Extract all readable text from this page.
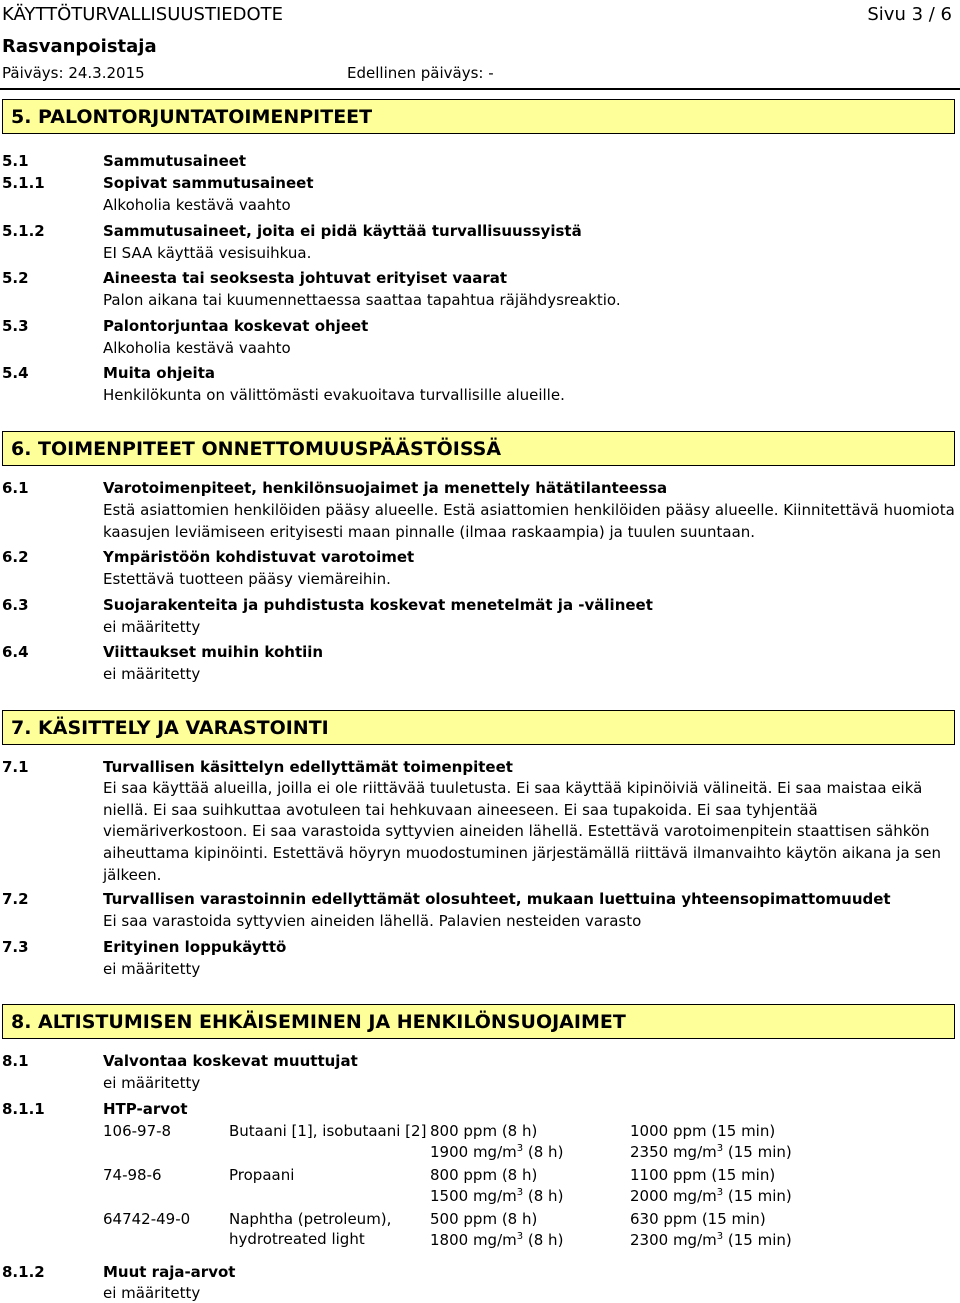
KÄYTTÖTURVALLISUUSTIEDOTE	Sivu 3 / 6
Rasvanpoistaja
Päiväys: 24.3.2015	Edellinen päiväys: -
5. PALONTORJUNTATOIMENPITEET
5.1	Sammutusaineet
5.1.1	Sopivat sammutusaineet
Alkoholia kestävä vaahto
5.1.2	Sammutusaineet, joita ei pidä käyttää turvallisuussyistä
EI SAA käyttää vesisuihkua.
5.2	Aineesta tai seoksesta johtuvat erityiset vaarat
Palon aikana tai kuumennettaessa saattaa tapahtua räjähdysreaktio.
5.3	Palontorjuntaa koskevat ohjeet
Alkoholia kestävä vaahto
5.4	Muita ohjeita
Henkilökunta on välittömästi evakuoitava turvallisille alueille.
6. TOIMENPITEET ONNETTOMUUSPÄÄSTÖISSÄ
6.1	Varotoimenpiteet, henkilönsuojaimet ja menettely hätätilanteessa
Estä asiattomien henkilöiden pääsy alueelle. Estä asiattomien henkilöiden pääsy alueelle. Kiinnitettävä huomiota kaasujen leviämiseen erityisesti maan pinnalle (ilmaa raskaampia) ja tuulen suuntaan.
6.2	Ympäristöön kohdistuvat varotoimet
Estettävä tuotteen pääsy viemäreihin.
6.3	Suojarakenteita ja puhdistusta koskevat menetelmät ja -välineet
ei määritetty
6.4	Viittaukset muihin kohtiin
ei määritetty
7. KÄSITTELY JA VARASTOINTI
7.1	Turvallisen käsittelyn edellyttämät toimenpiteet
Ei saa käyttää alueilla, joilla ei ole riittävää tuuletusta. Ei saa käyttää kipinöiviä välineitä. Ei saa maistaa eikä niellä. Ei saa suihkuttaa avotuleen tai hehkuvaan aineeseen. Ei saa tupakoida. Ei saa tyhjentää viemäriverkostoon. Ei saa varastoida syttyvien aineiden lähellä. Estettävä varotoimenpitein staattisen sähkön aiheuttama kipinöinti. Estettävä höyryn muodostuminen järjestämällä riittävä ilmanvaihto käytön aikana ja sen jälkeen.
7.2	Turvallisen varastoinnin edellyttämät olosuhteet, mukaan luettuina yhteensopimattomuudet
Ei saa varastoida syttyvien aineiden lähellä. Palavien nesteiden varasto
7.3	Erityinen loppukäyttö
ei määritetty
8. ALTISTUMISEN EHKÄISEMINEN JA HENKILÖNSUOJAIMET
8.1	Valvontaa koskevat muuttujat
ei määritetty
8.1.1	HTP-arvot
106-97-8	Butaani [1], isobutaani [2] 800 ppm (8 h)	1000 ppm (15 min)
1900 $mg/m^3$ (8 h)	2350 $mg/m^3$ (15 min)
74-98-6	Propaani	800 ppm (8 h)	1100 ppm (15 min)
1500 $mg/m^3$ (8 h)	2000 $mg/m^3$ (15 min)
64742-49-0	Naphtha (petroleum),
hydrotreated light
500 ppm (8 h)	630 ppm (15 min)
1800 $mg/m^3$ (8 h)	2300 $mg/m^3$ (15 min)
8.1.2	Muut raja-arvot
ei määritetty
